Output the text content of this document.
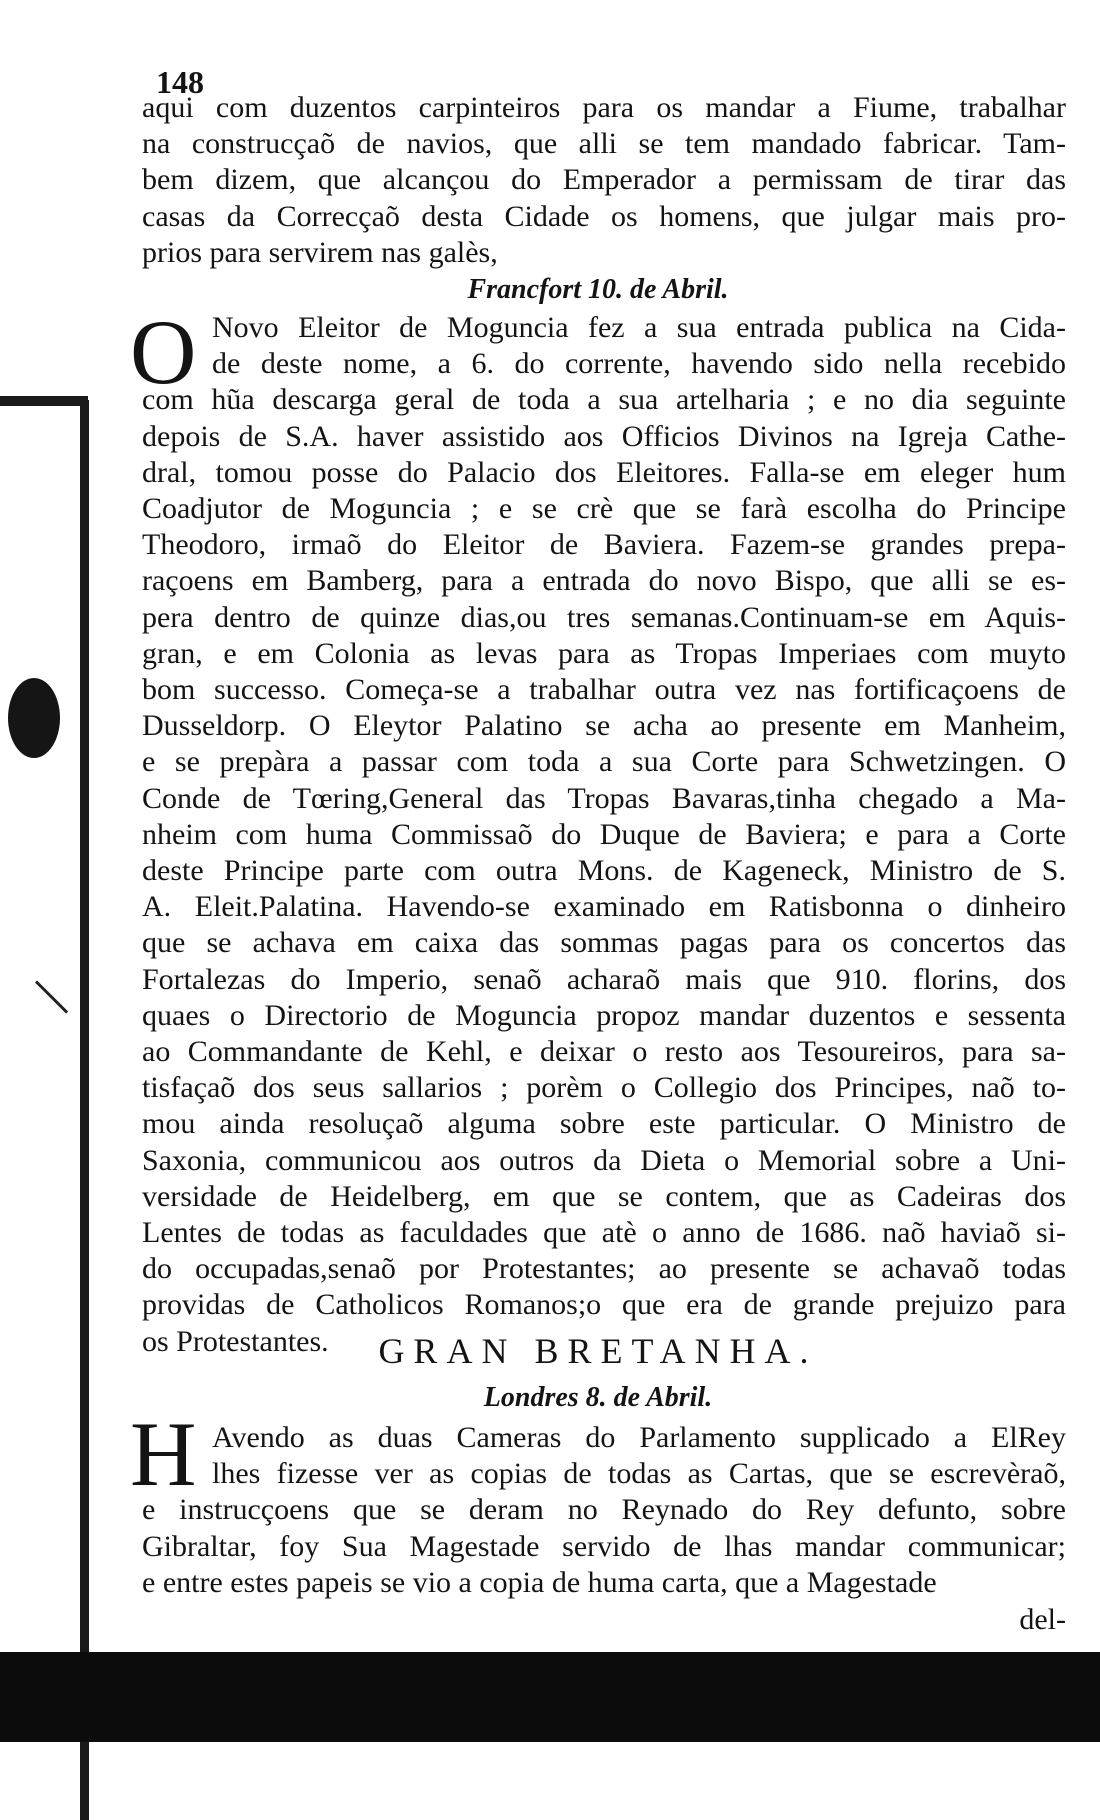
148
aqui com duzentos carpinteiros para os mandar a Fiume, trabalhar
na construcçaõ de navios, que alli se tem mandado fabricar. Tam-
bem dizem, que alcançou do Emperador a permissam de tirar das
casas da Correcçaõ desta Cidade os homens, que julgar mais pro-
prios para servirem nas galès,
Francfort 10. de Abril.
O Novo Eleitor de Moguncia fez a sua entrada publica na Cida-
de deste nome, a 6. do corrente, havendo sido nella recebido
com hũa descarga geral de toda a sua artelharia ; e no dia seguinte
depois de S.A. haver assistido aos Officios Divinos na Igreja Cathe-
dral, tomou posse do Palacio dos Eleitores. Falla-se em eleger hum
Coadjutor de Moguncia ; e se crè que se farà escolha do Principe
Theodoro, irmaõ do Eleitor de Baviera. Fazem-se grandes prepa-
raçoens em Bamberg, para a entrada do novo Bispo, que alli se es-
pera dentro de quinze dias,ou tres semanas.Continuam-se em Aquis-
gran, e em Colonia as levas para as Tropas Imperiaes com muyto
bom successo. Começa-se a trabalhar outra vez nas fortificaçoens de
Dusseldorp. O Eleytor Palatino se acha ao presente em Manheim,
e se prepàra a passar com toda a sua Corte para Schwetzingen. O
Conde de Tœring,General das Tropas Bavaras,tinha chegado a Ma-
nheim com huma Commissaõ do Duque de Baviera; e para a Corte
deste Principe parte com outra Mons. de Kageneck, Ministro de S.
A. Eleit.Palatina. Havendo-se examinado em Ratisbonna o dinheiro
que se achava em caixa das sommas pagas para os concertos das
Fortalezas do Imperio, senaõ acharaõ mais que 910. florins, dos
quaes o Directorio de Moguncia propoz mandar duzentos e sessenta
ao Commandante de Kehl, e deixar o resto aos Tesoureiros, para sa-
tisfaçaõ dos seus sallarios ; porèm o Collegio dos Principes, naõ to-
mou ainda resoluçaõ alguma sobre este particular. O Ministro de
Saxonia, communicou aos outros da Dieta o Memorial sobre a Uni-
versidade de Heidelberg, em que se contem, que as Cadeiras dos
Lentes de todas as faculdades que atè o anno de 1686. naõ haviaõ si-
do occupadas,senaõ por Protestantes; ao presente se achavaõ todas
providas de Catholicos Romanos;o que era de grande prejuizo para
os Protestantes.	GRAN BRETANHA.
Londres 8. de Abril.
H Avendo as duas Cameras do Parlamento supplicado a ElRey
lhes fizesse ver as copias de todas as Cartas, que se escrevèraõ,
e instrucçoens que se deram no Reynado do Rey defunto, sobre
Gibraltar, foy Sua Magestade servido de lhas mandar communicar;
e entre estes papeis se vio a copia de huma carta, que a Magestade
del-
